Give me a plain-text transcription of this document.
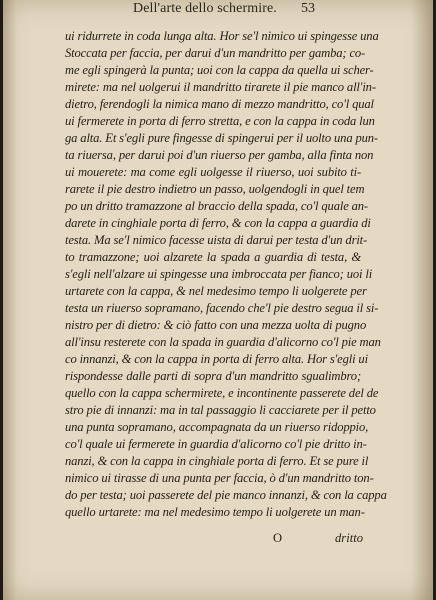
Dell'arte dello schermire. 53
ui ridurrete in coda lunga alta. Hor se'l nimico ui spingesse una
Stoccata per faccia, per darui d'un mandritto per gamba; co-
me egli spingerà la punta; uoi con la cappa da quella ui scher-
mirete: ma nel uolgerui il mandritto tirarete il pie manco all'in-
dietro, ferendogli la nimica mano di mezzo mandritto, co'l qual
ui fermerete in porta di ferro stretta, e con la cappa in coda lun
ga alta. Et s'egli pure fingesse di spingerui per il uolto una pun-
ta riuersa, per darui poi d'un riuerso per gamba, alla finta non
ui mouerete: ma come egli uolgesse il riuerso, uoi subito ti-
rarete il pie destro indietro un passo, uolgendogli in quel tem
po un dritto tramazzone al braccio della spada, co'l quale an-
darete in cinghiale porta di ferro, & con la cappa a guardia di
testa. Ma se'l nimico facesse uista di darui per testa d'un drit-
to tramazzone; uoi alzarete la spada a guardia di testa, &
s'egli nell'alzare ui spingesse una imbroccata per fianco; uoi li
urtarete con la cappa, & nel medesimo tempo li uolgerete per
testa un riuerso sopramano, facendo che'l pie destro segua il si-
nistro per di dietro: & ciò fatto con una mezza uolta di pugno
all'insu resterete con la spada in guardia d'alicorno co'l pie man
co innanzi, & con la cappa in porta di ferro alta. Hor s'egli ui
rispondesse dalle parti di sopra d'un mandritto sgualimbro;
quello con la cappa schermirete, e incontinente passerete del de
stro pie di innanzi: ma in tal passaggio li cacciarete per il petto
una punta sopramano, accompagnata da un riuerso ridoppio,
co'l quale ui fermerete in guardia d'alicorno co'l pie dritto in-
nanzi, & con la cappa in cinghiale porta di ferro. Et se pure il
nimico ui tirasse di una punta per faccia, ò d'un mandritto ton-
do per testa; uoi passerete del pie manco innanzi, & con la cappa
quello urtarete: ma nel medesimo tempo li uolgerete un man-
O	dritto
